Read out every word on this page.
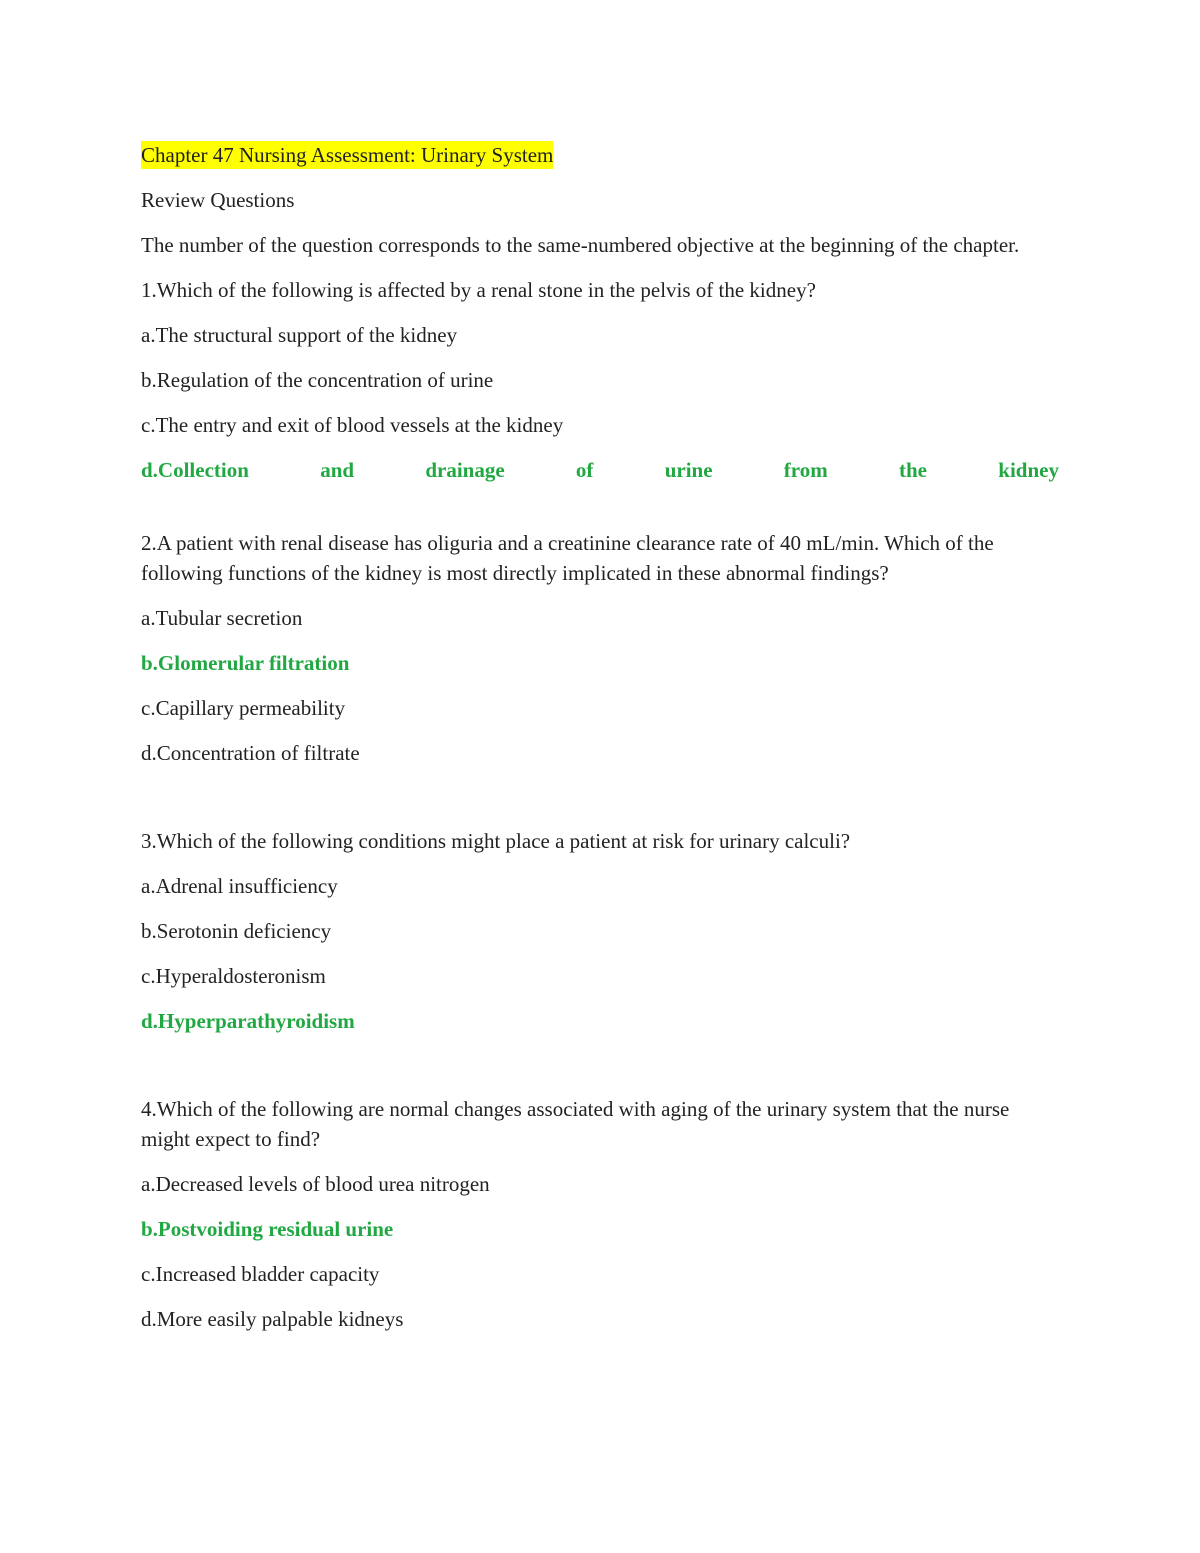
Chapter 47 Nursing Assessment: Urinary System

Review Questions

The number of the question corresponds to the same-numbered objective at the beginning of the chapter.

1.Which of the following is affected by a renal stone in the pelvis of the kidney?

a.The structural support of the kidney

b.Regulation of the concentration of urine

c.The entry and exit of blood vessels at the kidney

d.Collection	and	drainage	of	urine	from	the	kidney

2.A patient with renal disease has oliguria and a creatinine clearance rate of 40 mL/min. Which of the following functions of the kidney is most directly implicated in these abnormal findings?

a.Tubular secretion

b.Glomerular filtration

c.Capillary permeability

d.Concentration of filtrate

3.Which of the following conditions might place a patient at risk for urinary calculi?

a.Adrenal insufficiency

b.Serotonin deficiency

c.Hyperaldosteronism

d.Hyperparathyroidism

4.Which of the following are normal changes associated with aging of the urinary system that the nurse might expect to find?

a.Decreased levels of blood urea nitrogen

b.Postvoiding residual urine

c.Increased bladder capacity

d.More easily palpable kidneys
